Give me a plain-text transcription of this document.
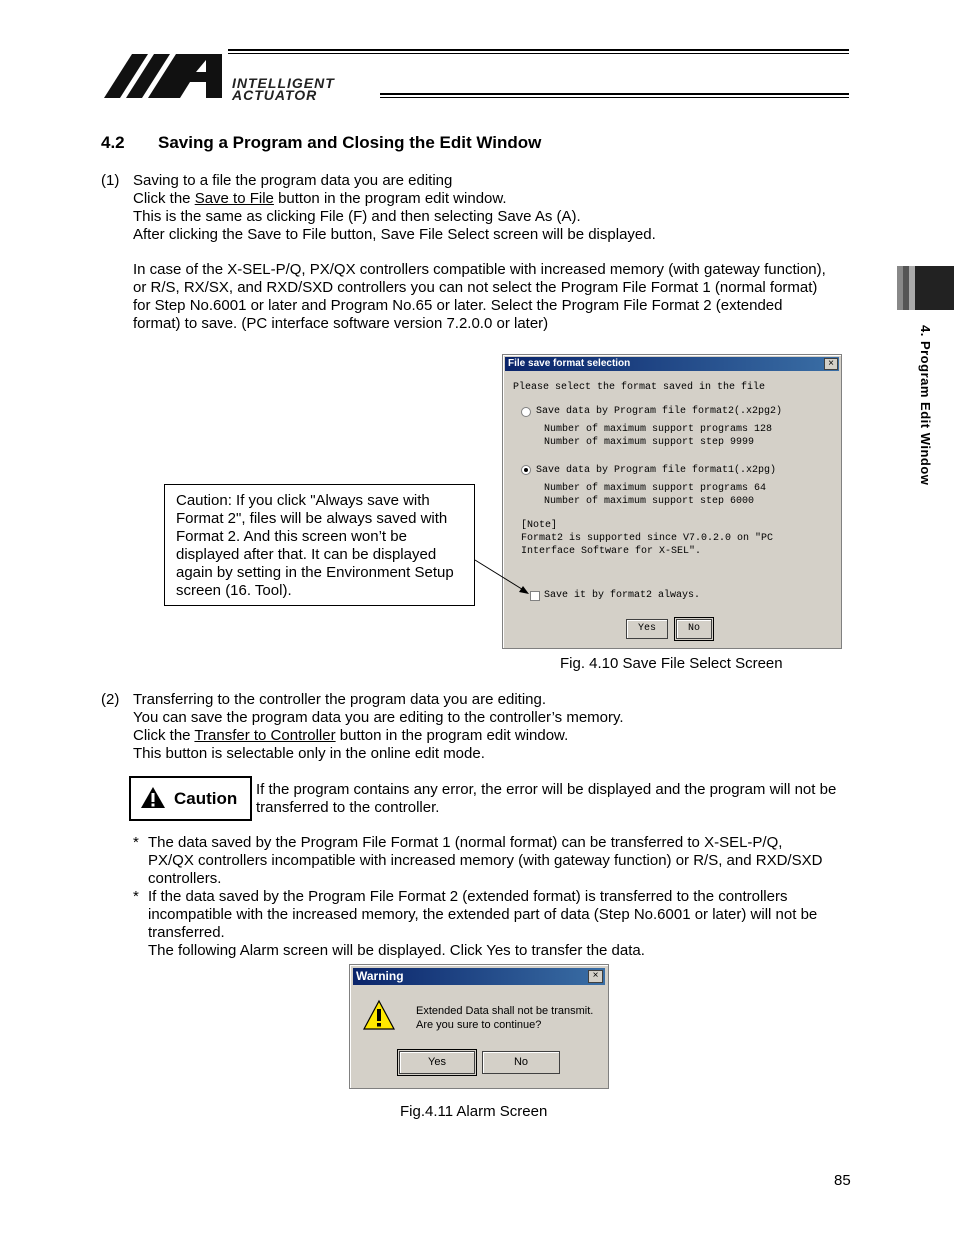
INTELLIGENT
ACTUATOR
4. Program Edit Window
4.2 Saving a Program and Closing the Edit Window
(1) Saving to a file the program data you are editing
Click the Save to File button in the program edit window.
This is the same as clicking File (F) and then selecting Save As (A).
After clicking the Save to File button, Save File Select screen will be displayed.
In case of the X-SEL-P/Q, PX/QX controllers compatible with increased memory (with gateway function),
or R/S, RX/SX, and RXD/SXD controllers you can not select the Program File Format 1 (normal format)
for Step No.6001 or later and Program No.65 or later. Select the Program File Format 2 (extended
format) to save. (PC interface software version 7.2.0.0 or later)
File save format selection	×
Please select the format saved in the file
Save data by Program file format2(.x2pg2)
Number of maximum support programs 128
Number of maximum support step 9999
Save data by Program file format1(.x2pg)
Number of maximum support programs 64
Number of maximum support step 6000
[Note]
Format2 is supported since V7.0.2.0 on "PC
Interface Software for X-SEL".
Save it by format2 always.
Yes	No
Caution: If you click "Always save with
Format 2", files will be always saved with
Format 2. And this screen won’t be
displayed after that. It can be displayed
again by setting in the Environment Setup
screen (16. Tool).
Fig. 4.10 Save File Select Screen
(2) Transferring to the controller the program data you are editing.
You can save the program data you are editing to the controller’s memory.
Click the Transfer to Controller button in the program edit window.
This button is selectable only in the online edit mode.
Caution If the program contains any error, the error will be displayed and the program will not be
transferred to the controller.
* The data saved by the Program File Format 1 (normal format) can be transferred to X-SEL-P/Q,
PX/QX controllers incompatible with increased memory (with gateway function) or R/S, and RXD/SXD
controllers.
* If the data saved by the Program File Format 2 (extended format) is transferred to the controllers
incompatible with the increased memory, the extended part of data (Step No.6001 or later) will not be
transferred.
The following Alarm screen will be displayed. Click Yes to transfer the data.
Warning	×
Extended Data shall not be transmit.
Are you sure to continue?
Yes	No
Fig.4.11 Alarm Screen
85
